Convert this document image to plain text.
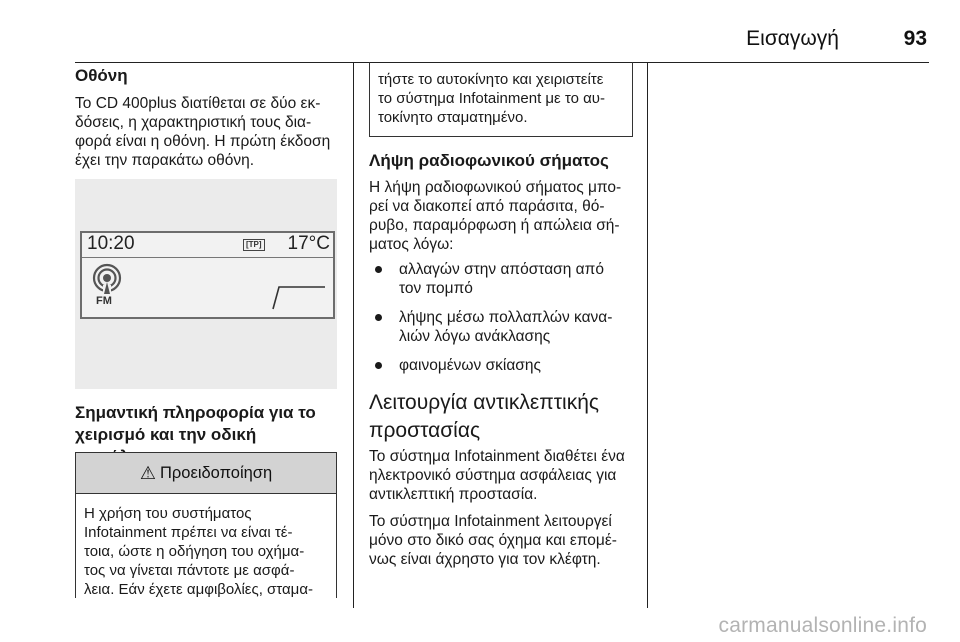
Εισαγωγή	93
Οθόνη

Το CD 400plus διατίθεται σε δύο εκ-
δόσεις, η χαρακτηριστική τους δια-
φορά είναι η οθόνη. Η πρώτη έκδοση
έχει την παρακάτω οθόνη.

10:20	[TP] 17°C
FM
Σημαντική πληροφορία για το
χειρισμό και την οδική
⚠ Προειδοποίηση

Η χρήση του συστήματος
Infotainment πρέπει να είναι τέ-
τοια, ώστε η οδήγηση του οχήμα-
τος να γίνεται πάντοτε με ασφά-
λεια. Εάν έχετε αμφιβολίες, σταμα-

τήστε το αυτοκίνητο και χειριστείτε
το σύστημα Infotainment με το αυ-
τοκίνητο σταματημένο.

Λήψη ραδιοφωνικού σήματος

Η λήψη ραδιοφωνικού σήματος μπο-
ρεί να διακοπεί από παράσιτα, θό-
ρυβο, παραμόρφωση ή απώλεια σή-
ματος λόγω:

αλλαγών στην απόσταση από
τον πομπό
λήψης μέσω πολλαπλών κανα-
λιών λόγω ανάκλασης
φαινομένων σκίασης
Λειτουργία αντικλεπτικής
προστασίας

Το σύστημα Infotainment διαθέτει ένα
ηλεκτρονικό σύστημα ασφάλειας για
αντικλεπτική προστασία.

Το σύστημα Infotainment λειτουργεί
μόνο στο δικό σας όχημα και επομέ-
νως είναι άχρηστο για τον κλέφτη.

carmanualsonline.info
